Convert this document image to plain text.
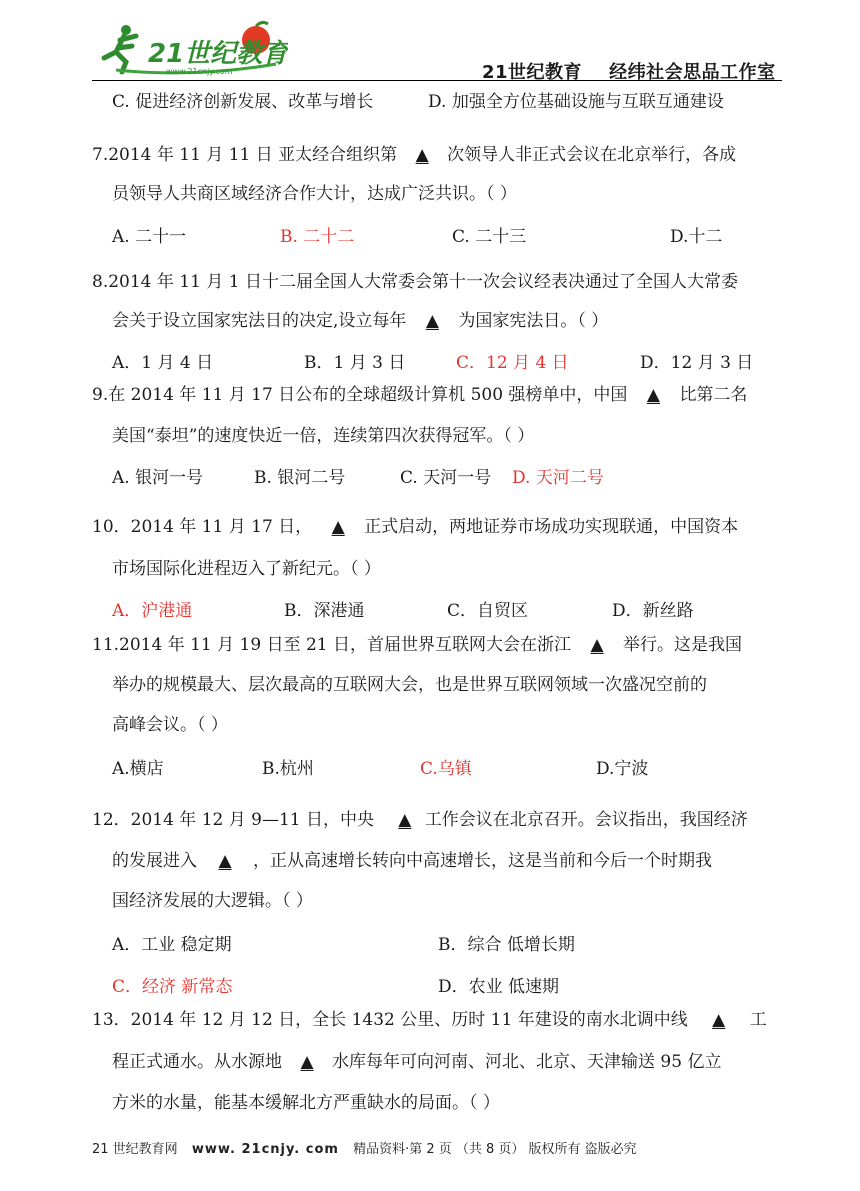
21世纪教育
www.21cnjy.com	21世纪教育    经纬社会思品工作室
C. 促进经济创新发展、改革与增长	D. 加强全方位基础设施与互联互通建设
7.2014 年 11 月 11 日 亚太经合组织第 ▲ 次领导人非正式会议在北京举行，各成
员领导人共商区域经济合作大计，达成广泛共识。（ ）
A. 二十一	B. 二十二	C. 二十三	D.十二
8.2014 年 11 月 1 日十二届全国人大常委会第十一次会议经表决通过了全国人大常委
会关于设立国家宪法日的决定,设立每年 ▲ 为国家宪法日。（ ）
A．1 月 4 日	B．1 月 3 日	C．12 月 4 日	D．12 月 3 日
9.在 2014 年 11 月 17 日公布的全球超级计算机 500 强榜单中，中国 ▲ 比第二名
美国“泰坦”的速度快近一倍，连续第四次获得冠军。（ ）
A. 银河一号	B. 银河二号	C. 天河一号 D. 天河二号
10．2014 年 11 月 17 日， ▲ 正式启动，两地证券市场成功实现联通，中国资本
市场国际化进程迈入了新纪元。（ ）
A．沪港通	B．深港通	C．自贸区	D．新丝路
11.2014 年 11 月 19 日至 21 日，首届世界互联网大会在浙江 ▲ 举行。这是我国
举办的规模最大、层次最高的互联网大会，也是世界互联网领域一次盛况空前的
高峰会议。（ ）
A.横店	B.杭州	C.乌镇	D.宁波
12．2014 年 12 月 9—11 日，中央  ▲ 工作会议在北京召开。会议指出，我国经济
的发展进入 ▲ ，正从高速增长转向中高速增长，这是当前和今后一个时期我
国经济发展的大逻辑。（ ）
A．工业 稳定期	B．综合 低增长期
C．经济 新常态	D．农业 低速期
13．2014 年 12 月 12 日，全长 1432 公里、历时 11 年建设的南水北调中线 ▲ 工
程正式通水。从水源地 ▲ 水库每年可向河南、河北、北京、天津输送 95 亿立
方米的水量，能基本缓解北方严重缺水的局面。（ ）
21 世纪教育网 www. 21cnjy. com 精品资料·第 2 页 （共 8 页） 版权所有 盗版必究
